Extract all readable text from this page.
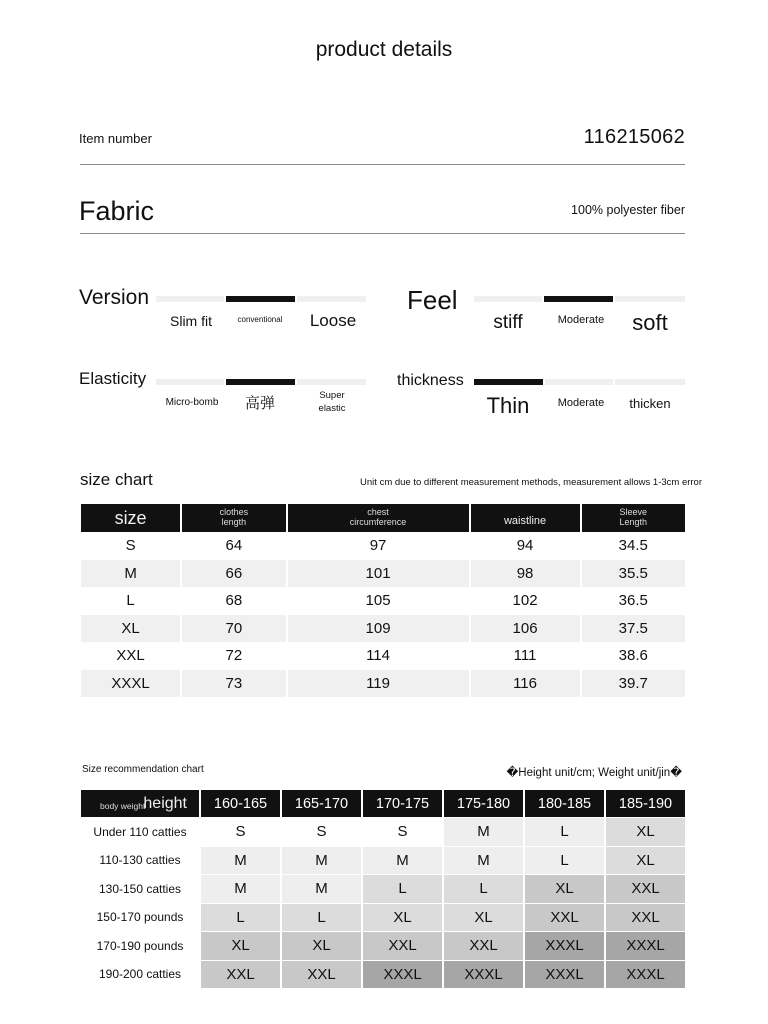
product details
Item number	116215062
Fabric	100% polyester fiber
Version
Slim fit	conventional	Loose
Feel
stiff	Moderate	soft
Elasticity
Micro-bomb	高弹	Super elastic
thickness
Thin	Moderate	thicken
size chart	Unit cm due to different measurement methods, measurement allows 1-3cm error
size	clothes length	chest circumference	waistline	Sleeve Length
S	64	97	94	34.5
M	66	101	98	35.5
L	68	105	102	36.5
XL	70	109	106	37.5
XXL	72	114	111	38.6
XXXL	73	119	116	39.7
Size recommendation chart	�Height unit/cm; Weight unit/jin�
body weight
height	160-165	165-170	170-175	175-180	180-185	185-190
Under 110 catties	S	S	S	M	L	XL
110-130 catties	M	M	M	M	L	XL
130-150 catties	M	M	L	L	XL	XXL
150-170 pounds	L	L	XL	XL	XXL	XXL
170-190 pounds	XL	XL	XXL	XXL	XXXL	XXXL
190-200 catties	XXL	XXL	XXXL	XXXL	XXXL	XXXL
